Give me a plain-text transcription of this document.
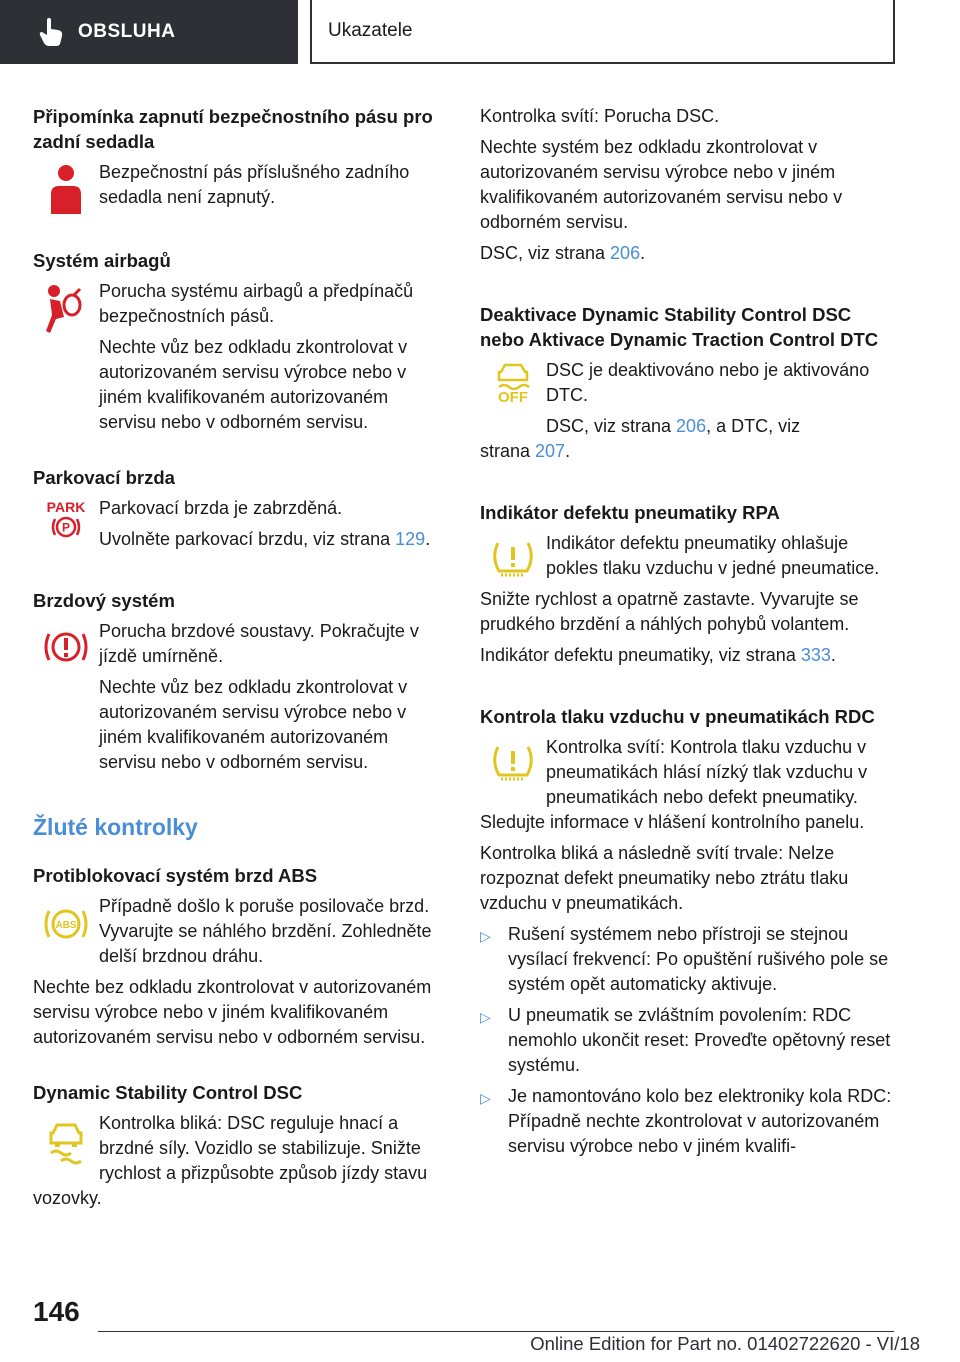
OBSLUHA	Ukazatele
Připomínka zapnutí bezpečnostního pásu pro zadní sedadla

Bezpečnostní pás příslušného zadního sedadla není zapnutý.

Systém airbagů

Porucha systému airbagů a předpínačů bezpečnostních pásů.

Nechte vůz bez odkladu zkontrolovat v autorizovaném servisu výrobce nebo v jiném kvalifikovaném autorizovaném servisu nebo v odborném servisu.

Parkovací brzda
PARK
P

Parkovací brzda je zabrzděná.

Uvolněte parkovací brzdu, viz strana 129.

Brzdový systém

Porucha brzdové soustavy. Pokračujte v jízdě umírněně.

Nechte vůz bez odkladu zkontrolovat v autorizovaném servisu výrobce nebo v jiném kvalifikovaném autorizovaném servisu nebo v odborném servisu.

Žluté kontrolky
Protiblokovací systém brzd ABS
ABS

Případně došlo k poruše posilovače brzd. Vyvarujte se náhlého brzdění. Zohledněte delší brzdnou dráhu.

Nechte bez odkladu zkontrolovat v autorizovaném servisu výrobce nebo v jiném kvalifikovaném autorizovaném servisu nebo v odborném servisu.

Dynamic Stability Control DSC

Kontrolka bliká: DSC reguluje hnací a brzdné síly. Vozidlo se stabilizuje. Snižte rychlost a přizpůsobte způsob jízdy stavu

vozovky.

Kontrolka svítí: Porucha DSC.

Nechte systém bez odkladu zkontrolovat v autorizovaném servisu výrobce nebo v jiném kvalifikovaném autorizovaném servisu nebo v odborném servisu.

DSC, viz strana 206.

Deaktivace Dynamic Stability Control DSC nebo Aktivace Dynamic Traction Control DTC
OFF

DSC je deaktivováno nebo je aktivováno DTC.

DSC, viz strana 206, a DTC, viz

strana 207.

Indikátor defektu pneumatiky RPA

Indikátor defektu pneumatiky ohlašuje pokles tlaku vzduchu v jedné pneumatice.

Snižte rychlost a opatrně zastavte. Vyvarujte se prudkého brzdění a náhlých pohybů volantem.

Indikátor defektu pneumatiky, viz strana 333.

Kontrola tlaku vzduchu v pneumatikách RDC

Kontrolka svítí: Kontrola tlaku vzduchu v pneumatikách hlásí nízký tlak vzduchu v pneumatikách nebo defekt pneumatiky.

Sledujte informace v hlášení kontrolního panelu.

Kontrolka bliká a následně svítí trvale: Nelze rozpoznat defekt pneumatiky nebo ztrátu tlaku vzduchu v pneumatikách.

▷ Rušení systémem nebo přístroji se stejnou vysílací frekvencí: Po opuštění rušivého pole se systém opět automaticky aktivuje.
▷ U pneumatik se zvláštním povolením: RDC nemohlo ukončit reset: Proveďte opětovný reset systému.
▷ Je namontováno kolo bez elektroniky kola RDC: Případně nechte zkontrolovat v autorizovaném servisu výrobce nebo v jiném kvalifi-
146
Online Edition for Part no. 01402722620 - VI/18
